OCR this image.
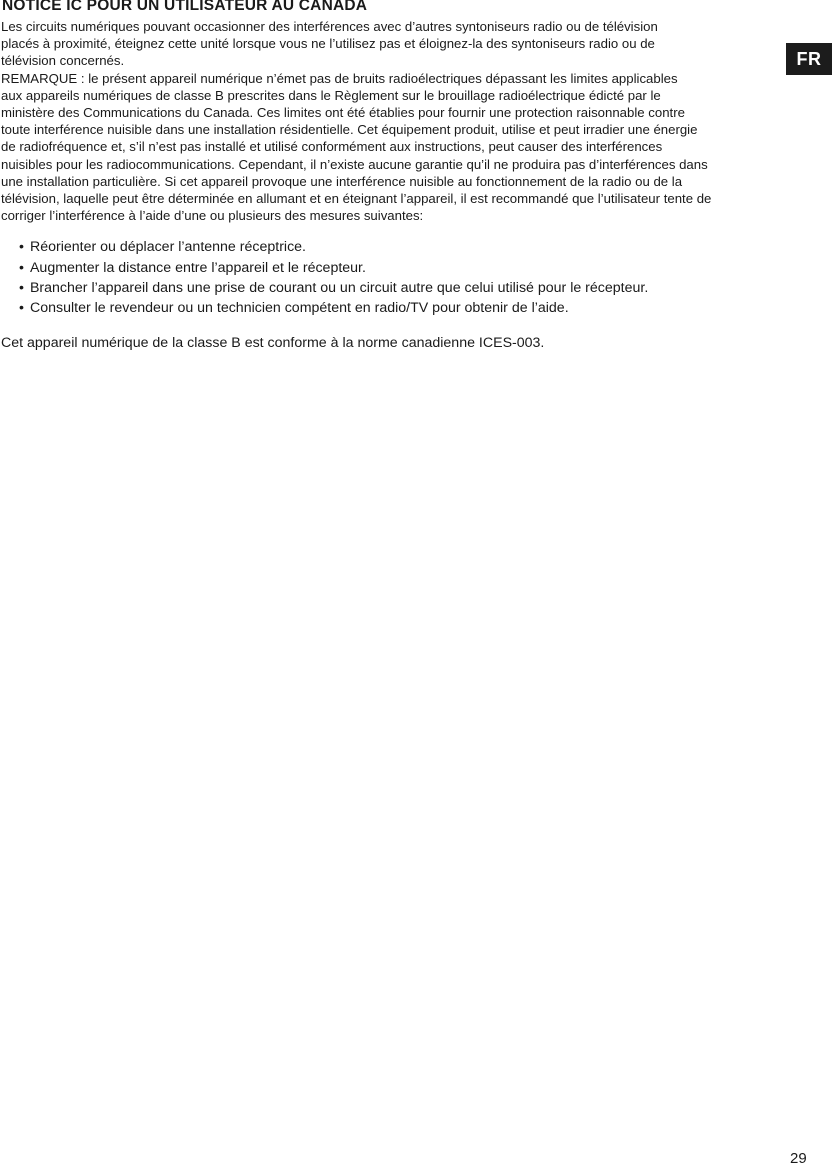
NOTICE IC POUR UN UTILISATEUR AU CANADA
FR

Les circuits numériques pouvant occasionner des interférences avec d’autres syntoniseurs radio ou de télévision
placés à proximité, éteignez cette unité lorsque vous ne l’utilisez pas et éloignez-la des syntoniseurs radio ou de
télévision concernés.

REMARQUE : le présent appareil numérique n’émet pas de bruits radioélectriques dépassant les limites applicables
aux appareils numériques de classe B prescrites dans le Règlement sur le brouillage radioélectrique édicté par le
ministère des Communications du Canada. Ces limites ont été établies pour fournir une protection raisonnable contre
toute interférence nuisible dans une installation résidentielle. Cet équipement produit, utilise et peut irradier une énergie
de radiofréquence et, s’il n’est pas installé et utilisé conformément aux instructions, peut causer des interférences
nuisibles pour les radiocommunications. Cependant, il n’existe aucune garantie qu’il ne produira pas d’interférences dans
une installation particulière. Si cet appareil provoque une interférence nuisible au fonctionnement de la radio ou de la
télévision, laquelle peut être déterminée en allumant et en éteignant l’appareil, il est recommandé que l’utilisateur tente de
corriger l’interférence à l’aide d’une ou plusieurs des mesures suivantes:

• Réorienter ou déplacer l’antenne réceptrice.
• Augmenter la distance entre l’appareil et le récepteur.
• Brancher l’appareil dans une prise de courant ou un circuit autre que celui utilisé pour le récepteur.
• Consulter le revendeur ou un technicien compétent en radio/TV pour obtenir de l’aide.

Cet appareil numérique de la classe B est conforme à la norme canadienne ICES-003.

29
